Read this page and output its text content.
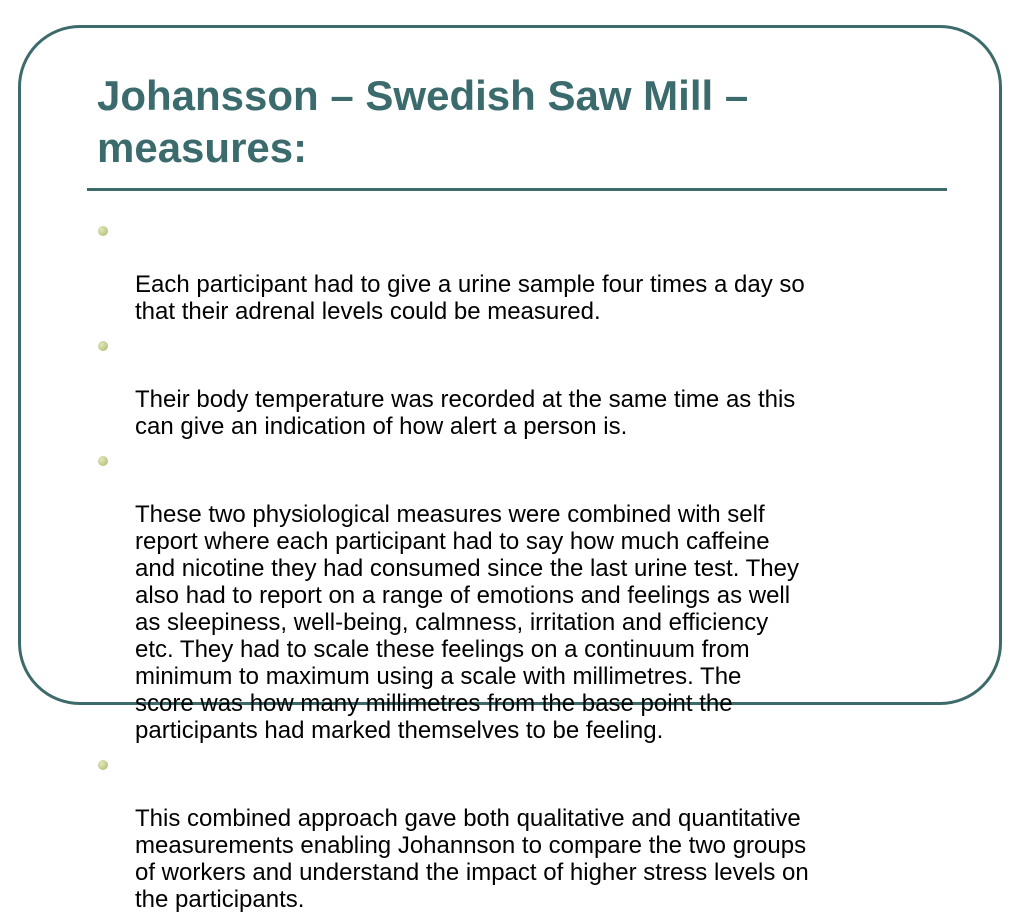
Johansson – Swedish Saw Mill –
measures:

Each participant had to give a urine sample four times a day so
that their adrenal levels could be measured.

Their body temperature was recorded at the same time as this
can give an indication of how alert a person is.

These two physiological measures were combined with self
report where each participant had to say how much caffeine
and nicotine they had consumed since the last urine test. They
also had to report on a range of emotions and feelings as well
as sleepiness, well-being, calmness, irritation and efficiency
etc. They had to scale these feelings on a continuum from
minimum to maximum using a scale with millimetres. The
score was how many millimetres from the base point the
participants had marked themselves to be feeling.

This combined approach gave both qualitative and quantitative
measurements enabling Johannson to compare the two groups
of workers and understand the impact of higher stress levels on
the participants.
